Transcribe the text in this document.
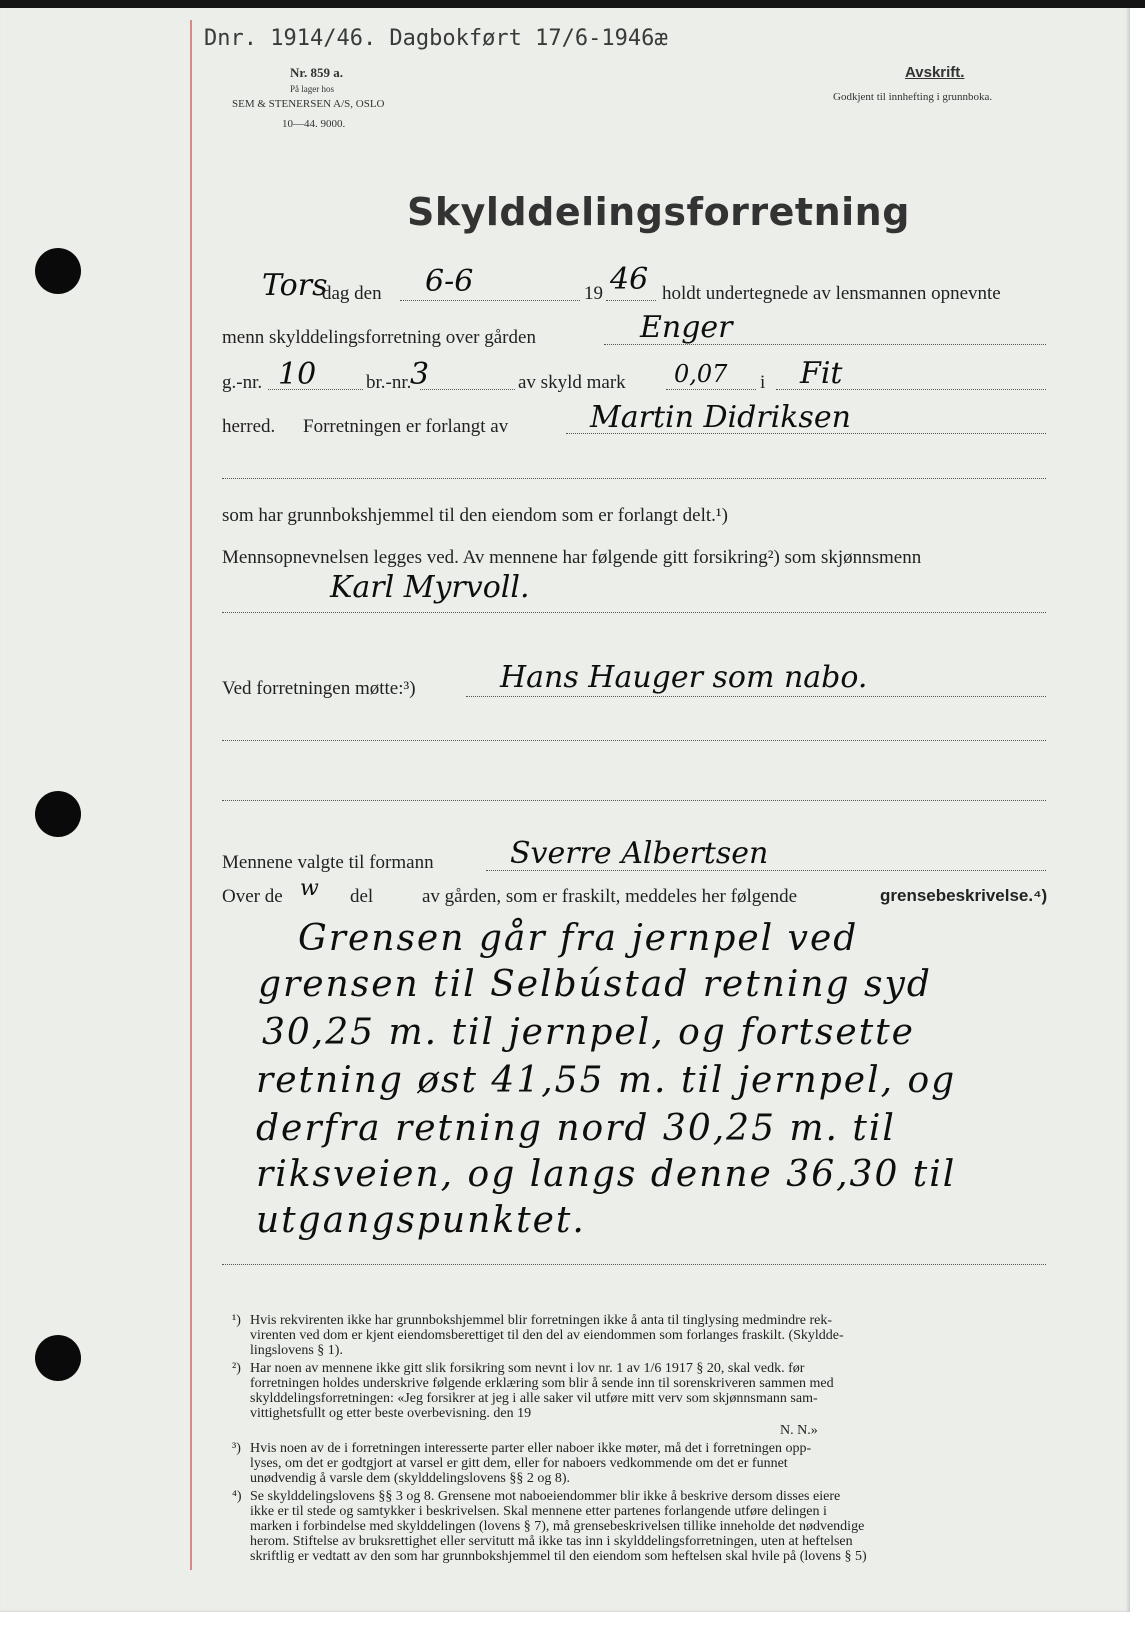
Dnr. 1914/46. Dagbokført 17/6-1946æ
Nr. 859 a.
På lager hos
SEM & STENERSEN A/S, OSLO
10—44. 9000.
Avskrift.
Godkjent til innhefting i grunnboka.
Skylddelingsforretning
Tors
dag den 6-6	19 46 holdt undertegnede av lensmannen opnevnte
menn skylddelingsforretning over gården	Enger
g.-nr. 10	br.-nr.
3	av skyld mark 0,07 i Fit
herred. Forretningen er forlangt av	Martin Didriksen
som har grunnbokshjemmel til den eiendom som er forlangt delt.¹)
Mennsopnevnelsen legges ved. Av mennene har følgende gitt forsikring²) som skjønnsmenn
Karl Myrvoll.
Ved forretningen møtte:³)	Hans Hauger som nabo.
Mennene valgte til formann	Sverre Albertsen
Over de w del	av gården, som er fraskilt, meddeles her følgende	grensebeskrivelse.⁴)
Grensen går fra jernpel ved
grensen til Selbústad retning syd
30,25 m. til jernpel, og fortsette
retning øst 41,55 m. til jernpel, og
derfra retning nord 30,25 m. til
riksveien, og langs denne 36,30 til
utgangspunktet.
¹) Hvis rekvirenten ikke har grunnbokshjemmel blir forretningen ikke å anta til tinglysing medmindre rek-
virenten ved dom er kjent eiendomsberettiget til den del av eiendommen som forlanges fraskilt. (Skyldde-
lingslovens § 1).
²) Har noen av mennene ikke gitt slik forsikring som nevnt i lov nr. 1 av 1/6 1917 § 20, skal vedk. før
forretningen holdes underskrive følgende erklæring som blir å sende inn til sorenskriveren sammen med
skylddelingsforretningen: «Jeg forsikrer at jeg i alle saker vil utføre mitt verv som skjønnsmann sam-
vittighetsfullt og etter beste overbevisning. den 19
N. N.»
³) Hvis noen av de i forretningen interesserte parter eller naboer ikke møter, må det i forretningen opp-
lyses, om det er godtgjort at varsel er gitt dem, eller for naboers vedkommende om det er funnet
unødvendig å varsle dem (skylddelingslovens §§ 2 og 8).
⁴) Se skylddelingslovens §§ 3 og 8. Grensene mot naboeiendommer blir ikke å beskrive dersom disses eiere
ikke er til stede og samtykker i beskrivelsen. Skal mennene etter partenes forlangende utføre delingen i
marken i forbindelse med skylddelingen (lovens § 7), må grensebeskrivelsen tillike inneholde det nødvendige
herom. Stiftelse av bruksrettighet eller servitutt må ikke tas inn i skylddelingsforretningen, uten at heftelsen
skriftlig er vedtatt av den som har grunnbokshjemmel til den eiendom som heftelsen skal hvile på (lovens § 5)
